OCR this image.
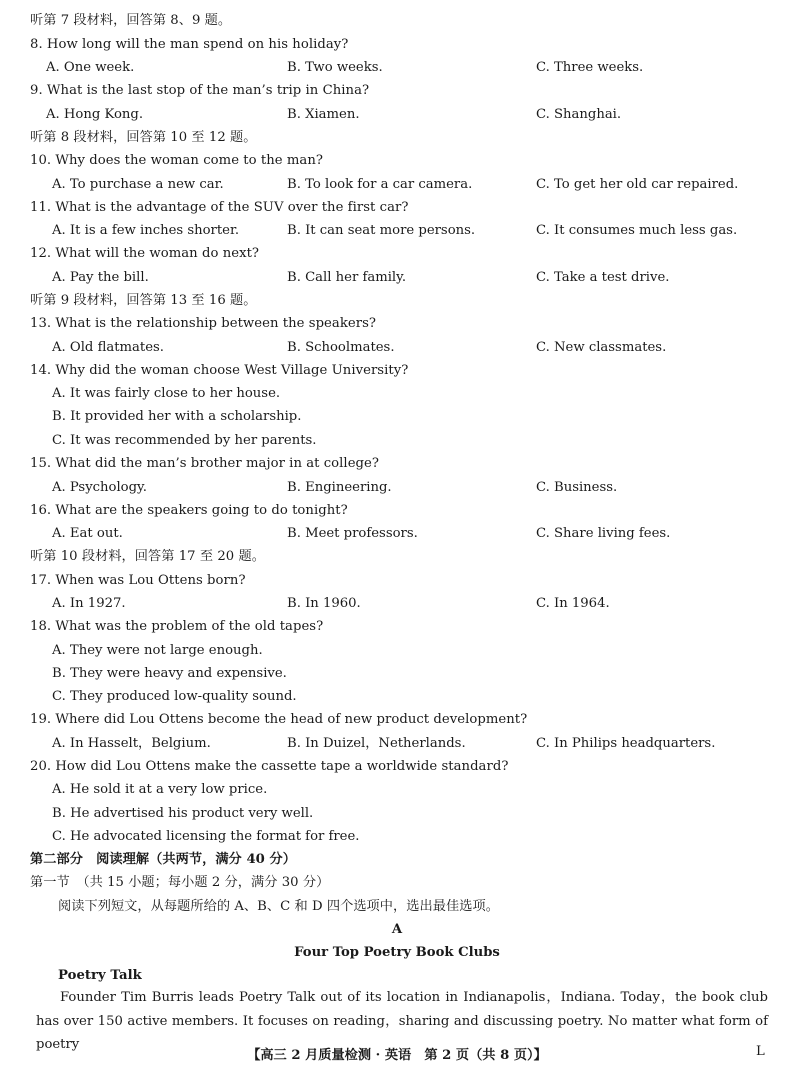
听第 7 段材料，回答第 8、9 题。
8. How long will the man spend on his holiday?
A. One week.	B. Two weeks.	C. Three weeks.
9. What is the last stop of the man’s trip in China?
A. Hong Kong.	B. Xiamen.	C. Shanghai.
听第 8 段材料，回答第 10 至 12 题。
10. Why does the woman come to the man?
A. To purchase a new car.	B. To look for a car camera.	C. To get her old car repaired.
11. What is the advantage of the SUV over the first car?
A. It is a few inches shorter.	B. It can seat more persons.	C. It consumes much less gas.
12. What will the woman do next?
A. Pay the bill.	B. Call her family.	C. Take a test drive.
听第 9 段材料，回答第 13 至 16 题。
13. What is the relationship between the speakers?
A. Old flatmates.	B. Schoolmates.	C. New classmates.
14. Why did the woman choose West Village University?
A. It was fairly close to her house.
B. It provided her with a scholarship.
C. It was recommended by her parents.
15. What did the man’s brother major in at college?
A. Psychology.	B. Engineering.	C. Business.
16. What are the speakers going to do tonight?
A. Eat out.	B. Meet professors.	C. Share living fees.
听第 10 段材料，回答第 17 至 20 题。
17. When was Lou Ottens born?
A. In 1927.	B. In 1960.	C. In 1964.
18. What was the problem of the old tapes?
A. They were not large enough.
B. They were heavy and expensive.
C. They produced low-quality sound.
19. Where did Lou Ottens become the head of new product development?
A. In Hasselt，Belgium.	B. In Duizel，Netherlands.	C. In Philips headquarters.
20. How did Lou Ottens make the cassette tape a worldwide standard?
A. He sold it at a very low price.
B. He advertised his product very well.
C. He advocated licensing the format for free.
第二部分　阅读理解（共两节，满分 40 分）
第一节　（共 15 小题；每小题 2 分，满分 30 分）
阅读下列短文，从每题所给的 A、B、C 和 D 四个选项中，选出最佳选项。
A
Four Top Poetry Book Clubs
Poetry Talk
Founder Tim Burris leads Poetry Talk out of its location in Indianapolis，Indiana. Today，the book club has over 150 active members. It focuses on reading，sharing and discussing poetry. No matter what form of poetry
【高三 2 月质量检测 · 英语　第 2 页（共 8 页）】	L
